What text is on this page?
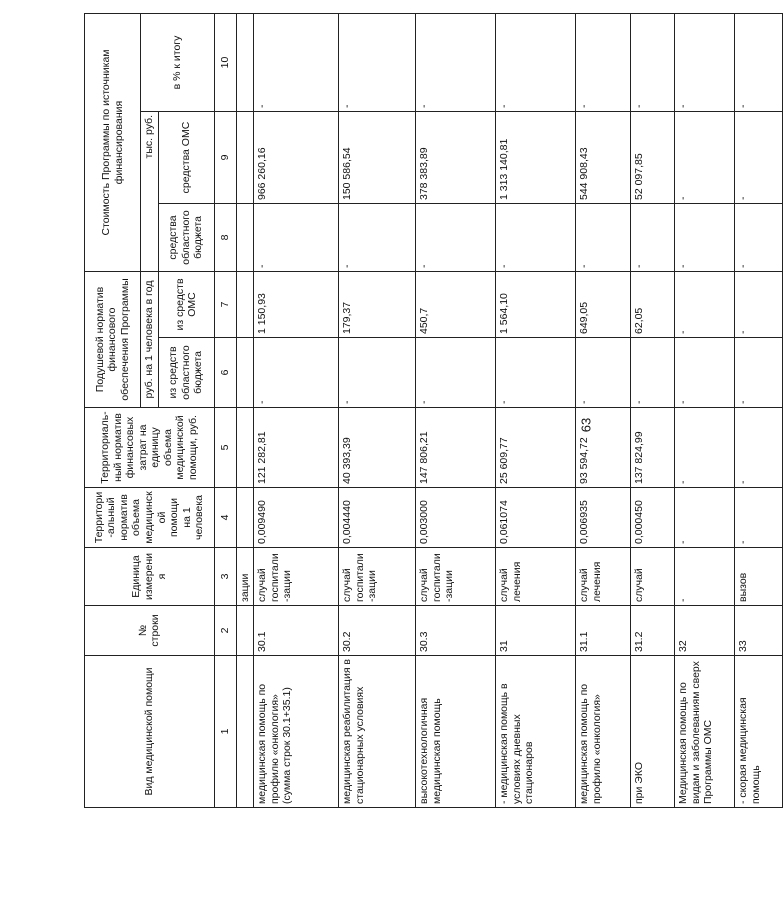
63
Вид медицинской помощи	№ строки	Единица измерения	Территори-альный норматив объема медицинской помощи на 1 человека	Территориаль-ный норматив финансовых затрат на единицу объема медицинской помощи, руб.	Подушевой норматив финансового обеспечения Программы		Стоимость Программы по источникам финансирования		
					руб. на 1 человека в год		тыс. руб.		в % к итогу
					из средств областного бюджета	из средств ОМС	средства областного бюджета	средства ОМС	
1	2	3	4	5	6	7	8	9	10
		зации							
медицинская помощь по профилю «онкология» (сумма строк 30.1+35.1)	30.1	случай госпитали-зации	0,009490	121 282,81	-	1 150,93	-	966 260,16	-
медицинская реабилитация в стационарных условиях	30.2	случай госпитали-зации	0,004440	40 393,39	-	179,37	-	150 586,54	-
высокотехнологичная медицинская помощь	30.3	случай госпитали-зации	0,003000	147 806,21	-	450,7	-	378 383,89	-
- медицинская помощь в условиях дневных стационаров	31	случай лечения	0,061074	25 609,77	-	1 564,10	-	1 313 140,81	-
медицинская помощь по профилю «онкология»	31.1	случай лечения	0,006935	93 594,72	-	649,05	-	544 908,43	-
при ЭКО	31.2	случай	0,000450	137 824,99	-	62,05	-	52 097,85	-
Медицинская помощь по видам и заболеваниям сверх Программы ОМС	32	-	-	-	-	-	-	-	-
- скорая медицинская помощь	33	вызов	-	-	-	-	-	-	-
